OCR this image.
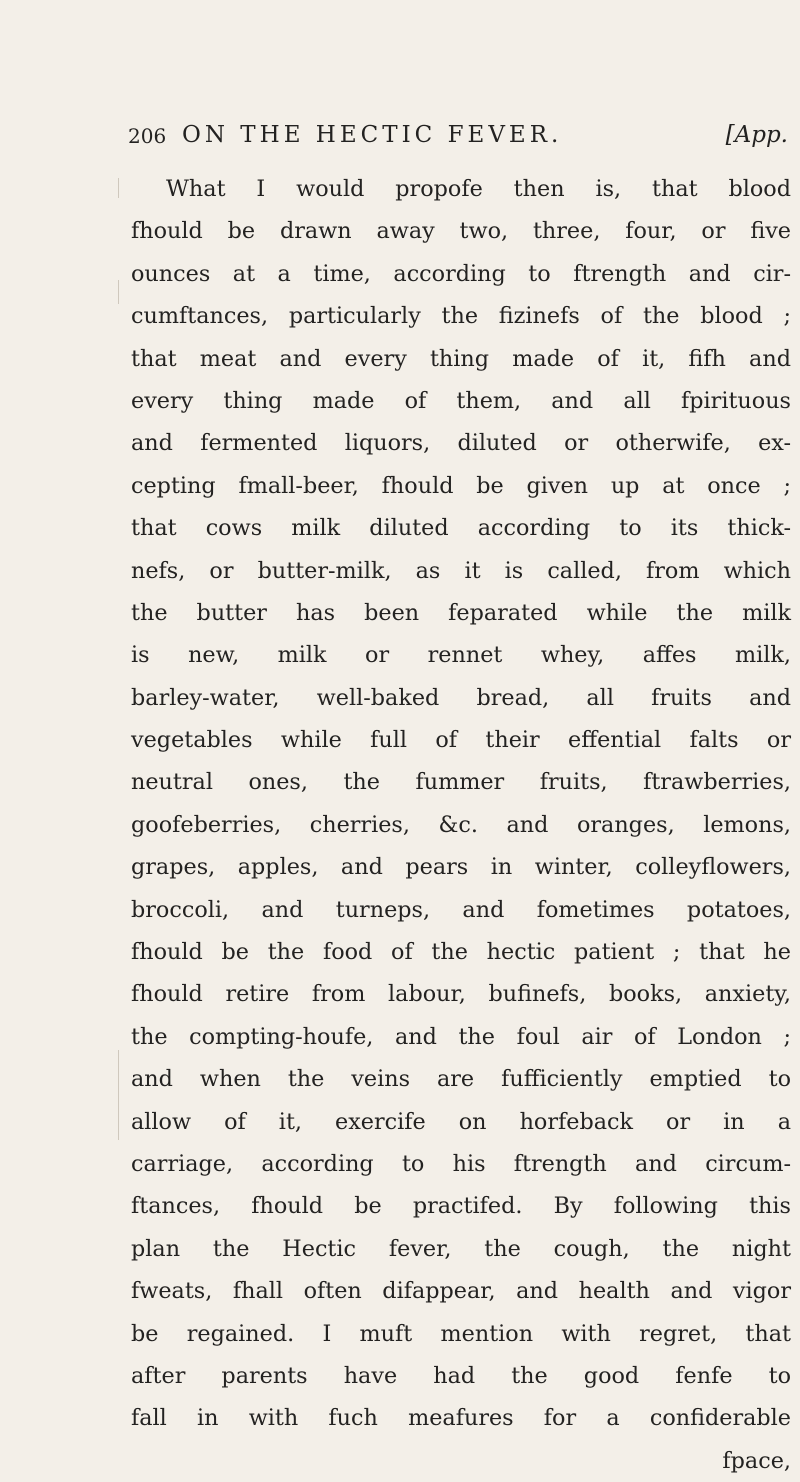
206 ON THE HECTIC FEVER.	[App.
What I would propofe then is, that blood
fhould be drawn away two, three, four, or five
ounces at a time, according to ftrength and cir-
cumftances, particularly the fizinefs of the blood ;
that meat and every thing made of it, fifh and
every thing made of them, and all fpirituous
and fermented liquors, diluted or otherwife, ex-
cepting fmall-beer, fhould be given up at once ;
that cows milk diluted according to its thick-
nefs, or butter-milk, as it is called, from which
the butter has been feparated while the milk
is new, milk or rennet whey, affes milk,
barley-water, well-baked bread, all fruits and
vegetables while full of their effential falts or
neutral ones, the fummer fruits, ftrawberries,
goofeberries, cherries, &c. and oranges, lemons,
grapes, apples, and pears in winter, colleyflowers,
broccoli, and turneps, and fometimes potatoes,
fhould be the food of the hectic patient ; that he
fhould retire from labour, bufinefs, books, anxiety,
the compting-houfe, and the foul air of London ;
and when the veins are fufficiently emptied to
allow of it, exercife on horfeback or in a
carriage, according to his ftrength and circum-
ftances, fhould be practifed. By following this
plan the Hectic fever, the cough, the night
fweats, fhall often difappear, and health and vigor
be regained. I muft mention with regret, that
after parents have had the good fenfe to
fall in with fuch meafures for a confiderable
fpace,
